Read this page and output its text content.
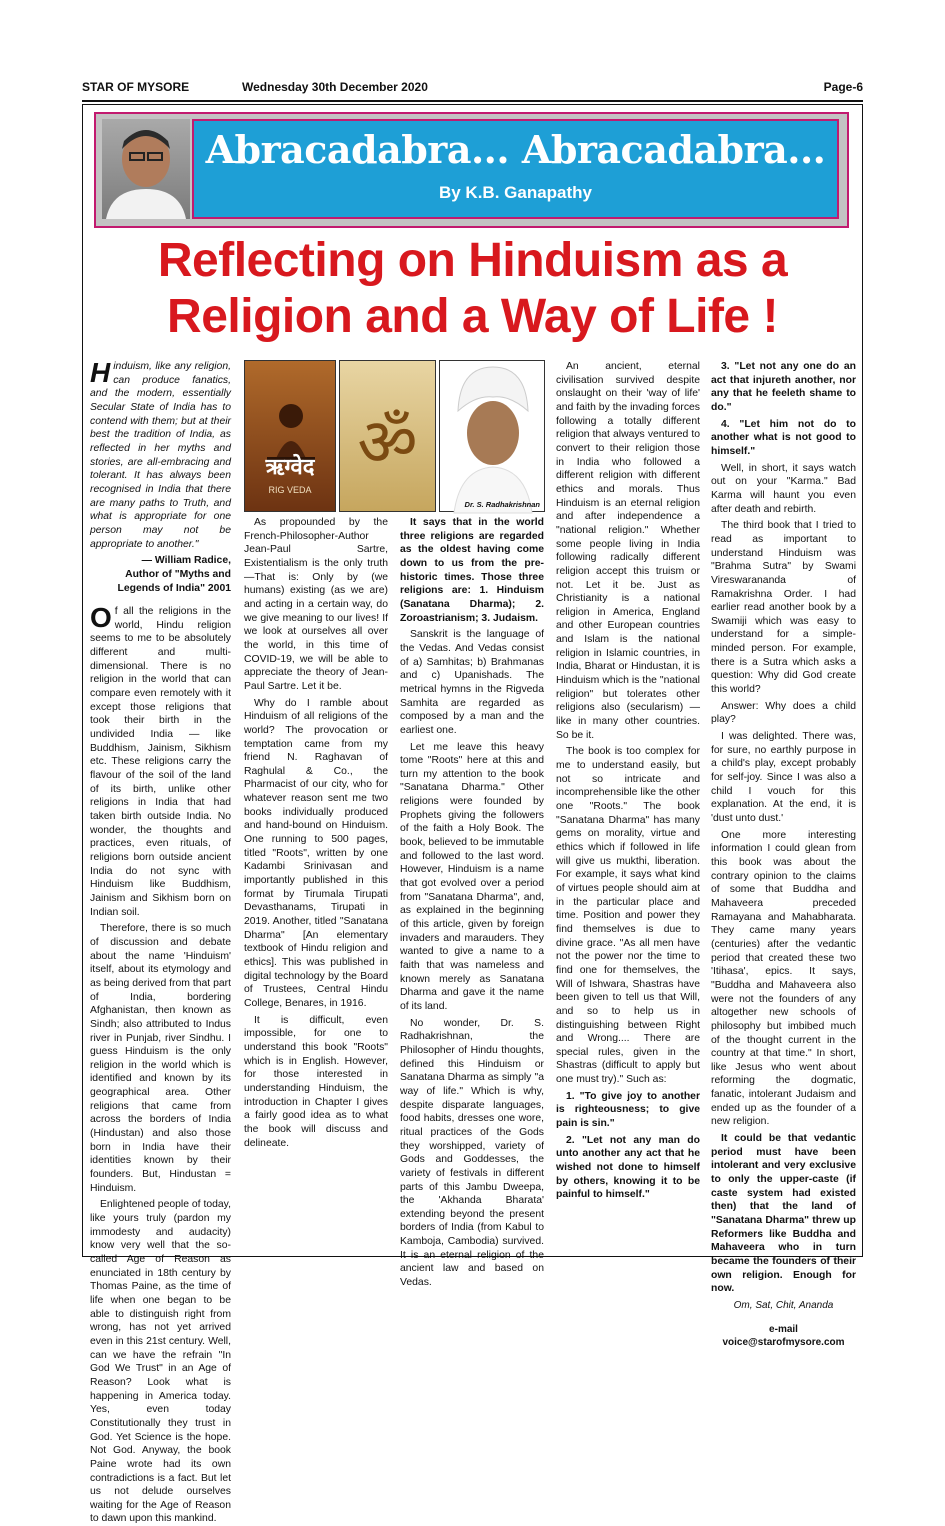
STAR OF MYSORE	Wednesday 30th December 2020	Page-6
Abracadabra... Abracadabra...
By K.B. Ganapathy
Reflecting on Hinduism as a
Religion and a Way of Life !
ऋग्वेद
RIG VEDA
ॐ
Dr. S. Radhakrishnan

Hinduism, like any religion, can produce fanatics, and the modern, essentially Secular State of India has to contend with them; but at their best the tradition of India, as reflected in her myths and stories, are all-embracing and tolerant. It has always been recognised in India that there are many paths to Truth, and what is appropriate for one person may not be appropriate to another."

— William Radice,
Author of "Myths and
Legends of India" 2001

Of all the religions in the world, Hindu religion seems to me to be absolutely different and multi-dimensional. There is no religion in the world that can compare even remotely with it except those religions that took their birth in the undivided India — like Buddhism, Jainism, Sikhism etc. These religions carry the flavour of the soil of the land of its birth, unlike other religions in India that had taken birth outside India. No wonder, the thoughts and practices, even rituals, of religions born outside ancient India do not sync with Hinduism like Buddhism, Jainism and Sikhism born on Indian soil.

Therefore, there is so much of discussion and debate about the name 'Hinduism' itself, about its etymology and as being derived from that part of India, bordering Afghanistan, then known as Sindh; also attributed to Indus river in Punjab, river Sindhu. I guess Hinduism is the only religion in the world which is identified and known by its geographical area. Other religions that came from across the borders of India (Hindustan) and also those born in India have their identities known by their founders. But, Hindustan = Hinduism.

Enlightened people of today, like yours truly (pardon my immodesty and audacity) know very well that the so-called Age of Reason as enunciated in 18th century by Thomas Paine, as the time of life when one began to be able to distinguish right from wrong, has not yet arrived even in this 21st century. Well, can we have the refrain "In God We Trust" in an Age of Reason? Look what is happening in America today. Yes, even today Constitutionally they trust in God. Yet Science is the hope. Not God. Anyway, the book Paine wrote had its own contradictions is a fact. But let us not delude ourselves waiting for the Age of Reason to dawn upon this mankind.

As propounded by the French-Philosopher-Author Jean-Paul Sartre, Existentialism is the only truth —That is: Only by (we humans) existing (as we are) and acting in a certain way, do we give meaning to our lives! If we look at ourselves all over the world, in this time of COVID-19, we will be able to appreciate the theory of Jean-Paul Sartre. Let it be.

Why do I ramble about Hinduism of all religions of the world? The provocation or temptation came from my friend N. Raghavan of Raghulal & Co., the Pharmacist of our city, who for whatever reason sent me two books individually produced and hand-bound on Hinduism. One running to 500 pages, titled "Roots", written by one Kadambi Srinivasan and importantly published in this format by Tirumala Tirupati Devasthanams, Tirupati in 2019. Another, titled "Sanatana Dharma" [An elementary textbook of Hindu religion and ethics]. This was published in digital technology by the Board of Trustees, Central Hindu College, Benares, in 1916.

It is difficult, even impossible, for one to understand this book "Roots" which is in English. However, for those interested in understanding Hinduism, the introduction in Chapter I gives a fairly good idea as to what the book will discuss and delineate.

It says that in the world three religions are regarded as the oldest having come down to us from the pre-historic times. Those three religions are: 1. Hinduism (Sanatana Dharma); 2. Zoroastrianism; 3. Judaism.

Sanskrit is the language of the Vedas. And Vedas consist of a) Samhitas; b) Brahmanas and c) Upanishads. The metrical hymns in the Rigveda Samhita are regarded as composed by a man and the earliest one.

Let me leave this heavy tome "Roots" here at this and turn my attention to the book "Sanatana Dharma." Other religions were founded by Prophets giving the followers of the faith a Holy Book. The book, believed to be immutable and followed to the last word. However, Hinduism is a name that got evolved over a period from "Sanatana Dharma", and, as explained in the beginning of this article, given by foreign invaders and marauders. They wanted to give a name to a faith that was nameless and known merely as Sanatana Dharma and gave it the name of its land.

No wonder, Dr. S. Radhakrishnan, the Philosopher of Hindu thoughts, defined this Hinduism or Sanatana Dharma as simply "a way of life." Which is why, despite disparate languages, food habits, dresses one wore, ritual practices of the Gods they worshipped, variety of Gods and Goddesses, the variety of festivals in different parts of this Jambu Dweepa, the 'Akhanda Bharata' extending beyond the present borders of India (from Kabul to Kamboja, Cambodia) survived. It is an eternal religion of the ancient law and based on Vedas.

An ancient, eternal civilisation survived despite onslaught on their 'way of life' and faith by the invading forces following a totally different religion that always ventured to convert to their religion those in India who followed a different religion with different ethics and morals. Thus Hinduism is an eternal religion and after independence a "national religion." Whether some people living in India following radically different religion accept this truism or not. Let it be. Just as Christianity is a national religion in America, England and other European countries and Islam is the national religion in Islamic countries, in India, Bharat or Hindustan, it is Hinduism which is the "national religion" but tolerates other religions also (secularism) — like in many other countries. So be it.

The book is too complex for me to understand easily, but not so intricate and incomprehensible like the other one "Roots." The book "Sanatana Dharma" has many gems on morality, virtue and ethics which if followed in life will give us mukthi, liberation. For example, it says what kind of virtues people should aim at in the particular place and time. Position and power they find themselves is due to divine grace. "As all men have not the power nor the time to find one for themselves, the Will of Ishwara, Shastras have been given to tell us that Will, and so to help us in distinguishing between Right and Wrong.... There are special rules, given in the Shastras (difficult to apply but one must try)." Such as:

1. "To give joy to another is righteousness; to give pain is sin."

2. "Let not any man do unto another any act that he wished not done to himself by others, knowing it to be painful to himself."

3. "Let not any one do an act that injureth another, nor any that he feeleth shame to do."

4. "Let him not do to another what is not good to himself."

Well, in short, it says watch out on your "Karma." Bad Karma will haunt you even after death and rebirth.

The third book that I tried to read as important to understand Hinduism was "Brahma Sutra" by Swami Vireswarananda of Ramakrishna Order. I had earlier read another book by a Swamiji which was easy to understand for a simple-minded person. For example, there is a Sutra which asks a question: Why did God create this world?

Answer: Why does a child play?

I was delighted. There was, for sure, no earthly purpose in a child's play, except probably for self-joy. Since I was also a child I vouch for this explanation. At the end, it is 'dust unto dust.'

One more interesting information I could glean from this book was about the contrary opinion to the claims of some that Buddha and Mahaveera preceded Ramayana and Mahabharata. They came many years (centuries) after the vedantic period that created these two 'Itihasa', epics. It says, "Buddha and Mahaveera also were not the founders of any altogether new schools of philosophy but imbibed much of the thought current in the country at that time." In short, like Jesus who went about reforming the dogmatic, fanatic, intolerant Judaism and ended up as the founder of a new religion.

It could be that vedantic period must have been intolerant and very exclusive to only the upper-caste (if caste system had existed then) that the land of "Sanatana Dharma" threw up Reformers like Buddha and Mahaveera who in turn became the founders of their own religion. Enough for now.

Om, Sat, Chit, Ananda
e-mail
voice@starofmysore.com
